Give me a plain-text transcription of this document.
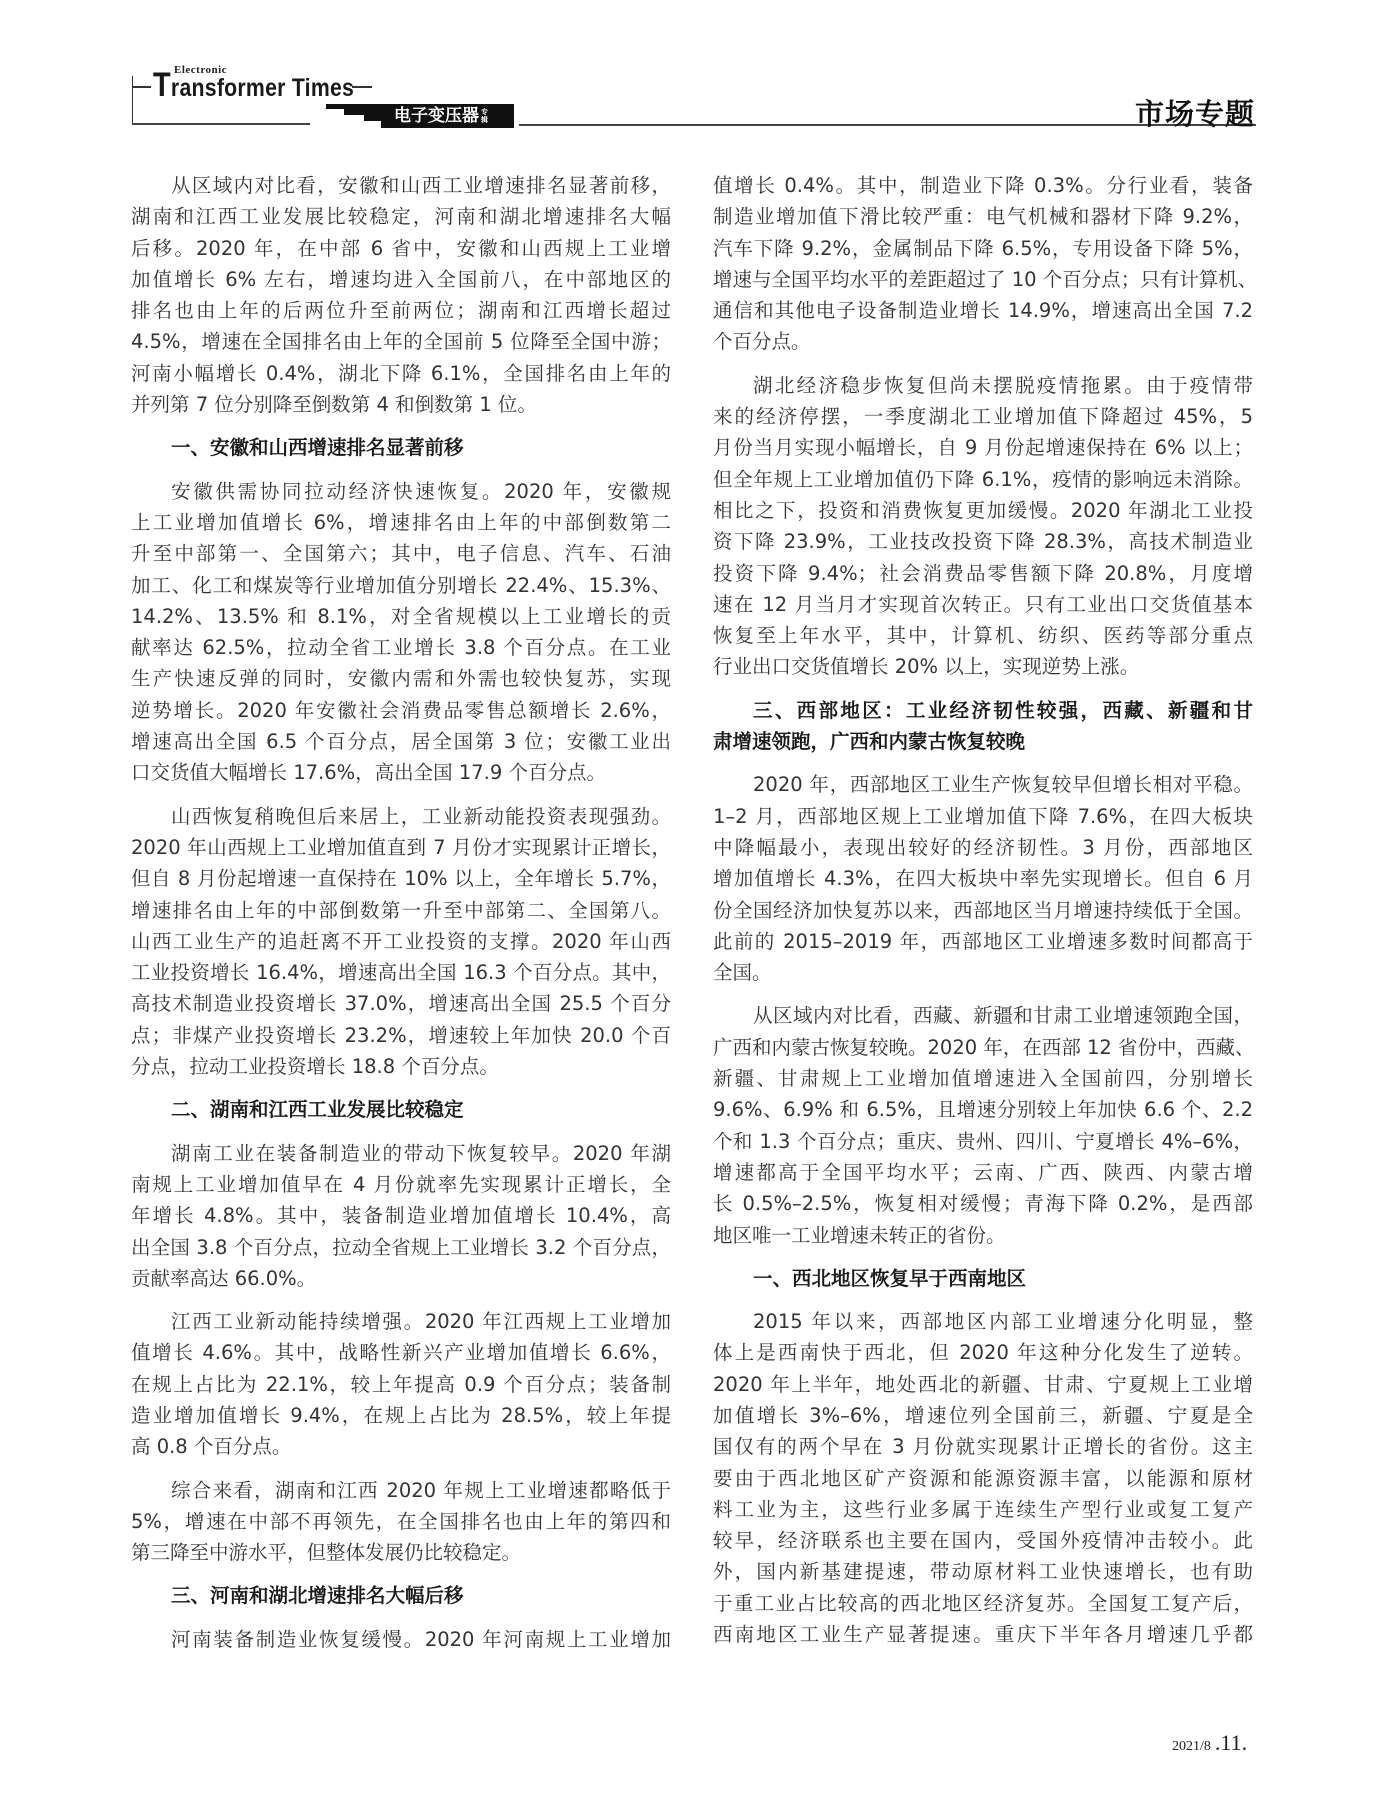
Electronic
Transformer Times
电子变压器 专辑	市场专题
从区域内对比看，安徽和山西工业增速排名显著前移，
湖南和江西工业发展比较稳定，河南和湖北增速排名大幅
后移。2020 年，在中部 6 省中，安徽和山西规上工业增
加值增长 6% 左右，增速均进入全国前八，在中部地区的
排名也由上年的后两位升至前两位；湖南和江西增长超过
4.5%，增速在全国排名由上年的全国前 5 位降至全国中游；
河南小幅增长 0.4%，湖北下降 6.1%，全国排名由上年的
并列第 7 位分别降至倒数第 4 和倒数第 1 位。
一、安徽和山西增速排名显著前移
安徽供需协同拉动经济快速恢复。2020 年，安徽规
上工业增加值增长 6%，增速排名由上年的中部倒数第二
升至中部第一、全国第六；其中，电子信息、汽车、石油
加工、化工和煤炭等行业增加值分别增长 22.4%、15.3%、
14.2%、13.5% 和 8.1%，对全省规模以上工业增长的贡
献率达 62.5%，拉动全省工业增长 3.8 个百分点。在工业
生产快速反弹的同时，安徽内需和外需也较快复苏，实现
逆势增长。2020 年安徽社会消费品零售总额增长 2.6%，
增速高出全国 6.5 个百分点，居全国第 3 位；安徽工业出
口交货值大幅增长 17.6%，高出全国 17.9 个百分点。
山西恢复稍晚但后来居上，工业新动能投资表现强劲。
2020 年山西规上工业增加值直到 7 月份才实现累计正增长，
但自 8 月份起增速一直保持在 10% 以上，全年增长 5.7%，
增速排名由上年的中部倒数第一升至中部第二、全国第八。
山西工业生产的追赶离不开工业投资的支撑。2020 年山西
工业投资增长 16.4%，增速高出全国 16.3 个百分点。其中，
高技术制造业投资增长 37.0%，增速高出全国 25.5 个百分
点；非煤产业投资增长 23.2%，增速较上年加快 20.0 个百
分点，拉动工业投资增长 18.8 个百分点。
二、湖南和江西工业发展比较稳定
湖南工业在装备制造业的带动下恢复较早。2020 年湖
南规上工业增加值早在 4 月份就率先实现累计正增长，全
年增长 4.8%。其中，装备制造业增加值增长 10.4%，高
出全国 3.8 个百分点，拉动全省规上工业增长 3.2 个百分点，
贡献率高达 66.0%。
江西工业新动能持续增强。2020 年江西规上工业增加
值增长 4.6%。其中，战略性新兴产业增加值增长 6.6%，
在规上占比为 22.1%，较上年提高 0.9 个百分点；装备制
造业增加值增长 9.4%，在规上占比为 28.5%，较上年提
高 0.8 个百分点。
综合来看，湖南和江西 2020 年规上工业增速都略低于
5%，增速在中部不再领先，在全国排名也由上年的第四和
第三降至中游水平，但整体发展仍比较稳定。
三、河南和湖北增速排名大幅后移
河南装备制造业恢复缓慢。2020 年河南规上工业增加
值增长 0.4%。其中，制造业下降 0.3%。分行业看，装备
制造业增加值下滑比较严重：电气机械和器材下降 9.2%，
汽车下降 9.2%，金属制品下降 6.5%，专用设备下降 5%，
增速与全国平均水平的差距超过了 10 个百分点；只有计算机、
通信和其他电子设备制造业增长 14.9%，增速高出全国 7.2
个百分点。
湖北经济稳步恢复但尚未摆脱疫情拖累。由于疫情带
来的经济停摆，一季度湖北工业增加值下降超过 45%，5
月份当月实现小幅增长，自 9 月份起增速保持在 6% 以上；
但全年规上工业增加值仍下降 6.1%，疫情的影响远未消除。
相比之下，投资和消费恢复更加缓慢。2020 年湖北工业投
资下降 23.9%，工业技改投资下降 28.3%，高技术制造业
投资下降 9.4%；社会消费品零售额下降 20.8%，月度增
速在 12 月当月才实现首次转正。只有工业出口交货值基本
恢复至上年水平，其中，计算机、纺织、医药等部分重点
行业出口交货值增长 20% 以上，实现逆势上涨。
三、西部地区：工业经济韧性较强，西藏、新疆和甘
肃增速领跑，广西和内蒙古恢复较晚
2020 年，西部地区工业生产恢复较早但增长相对平稳。
1–2 月，西部地区规上工业增加值下降 7.6%，在四大板块
中降幅最小，表现出较好的经济韧性。3 月份，西部地区
增加值增长 4.3%，在四大板块中率先实现增长。但自 6 月
份全国经济加快复苏以来，西部地区当月增速持续低于全国。
此前的 2015–2019 年，西部地区工业增速多数时间都高于
全国。
从区域内对比看，西藏、新疆和甘肃工业增速领跑全国，
广西和内蒙古恢复较晚。2020 年，在西部 12 省份中，西藏、
新疆、甘肃规上工业增加值增速进入全国前四，分别增长
9.6%、6.9% 和 6.5%，且增速分别较上年加快 6.6 个、2.2
个和 1.3 个百分点；重庆、贵州、四川、宁夏增长 4%–6%，
增速都高于全国平均水平；云南、广西、陕西、内蒙古增
长 0.5%–2.5%，恢复相对缓慢；青海下降 0.2%，是西部
地区唯一工业增速未转正的省份。
一、西北地区恢复早于西南地区
2015 年以来，西部地区内部工业增速分化明显，整
体上是西南快于西北，但 2020 年这种分化发生了逆转。
2020 年上半年，地处西北的新疆、甘肃、宁夏规上工业增
加值增长 3%–6%，增速位列全国前三，新疆、宁夏是全
国仅有的两个早在 3 月份就实现累计正增长的省份。这主
要由于西北地区矿产资源和能源资源丰富，以能源和原材
料工业为主，这些行业多属于连续生产型行业或复工复产
较早，经济联系也主要在国内，受国外疫情冲击较小。此
外，国内新基建提速，带动原材料工业快速增长，也有助
于重工业占比较高的西北地区经济复苏。全国复工复产后，
西南地区工业生产显著提速。重庆下半年各月增速几乎都
2021/8 .11.
